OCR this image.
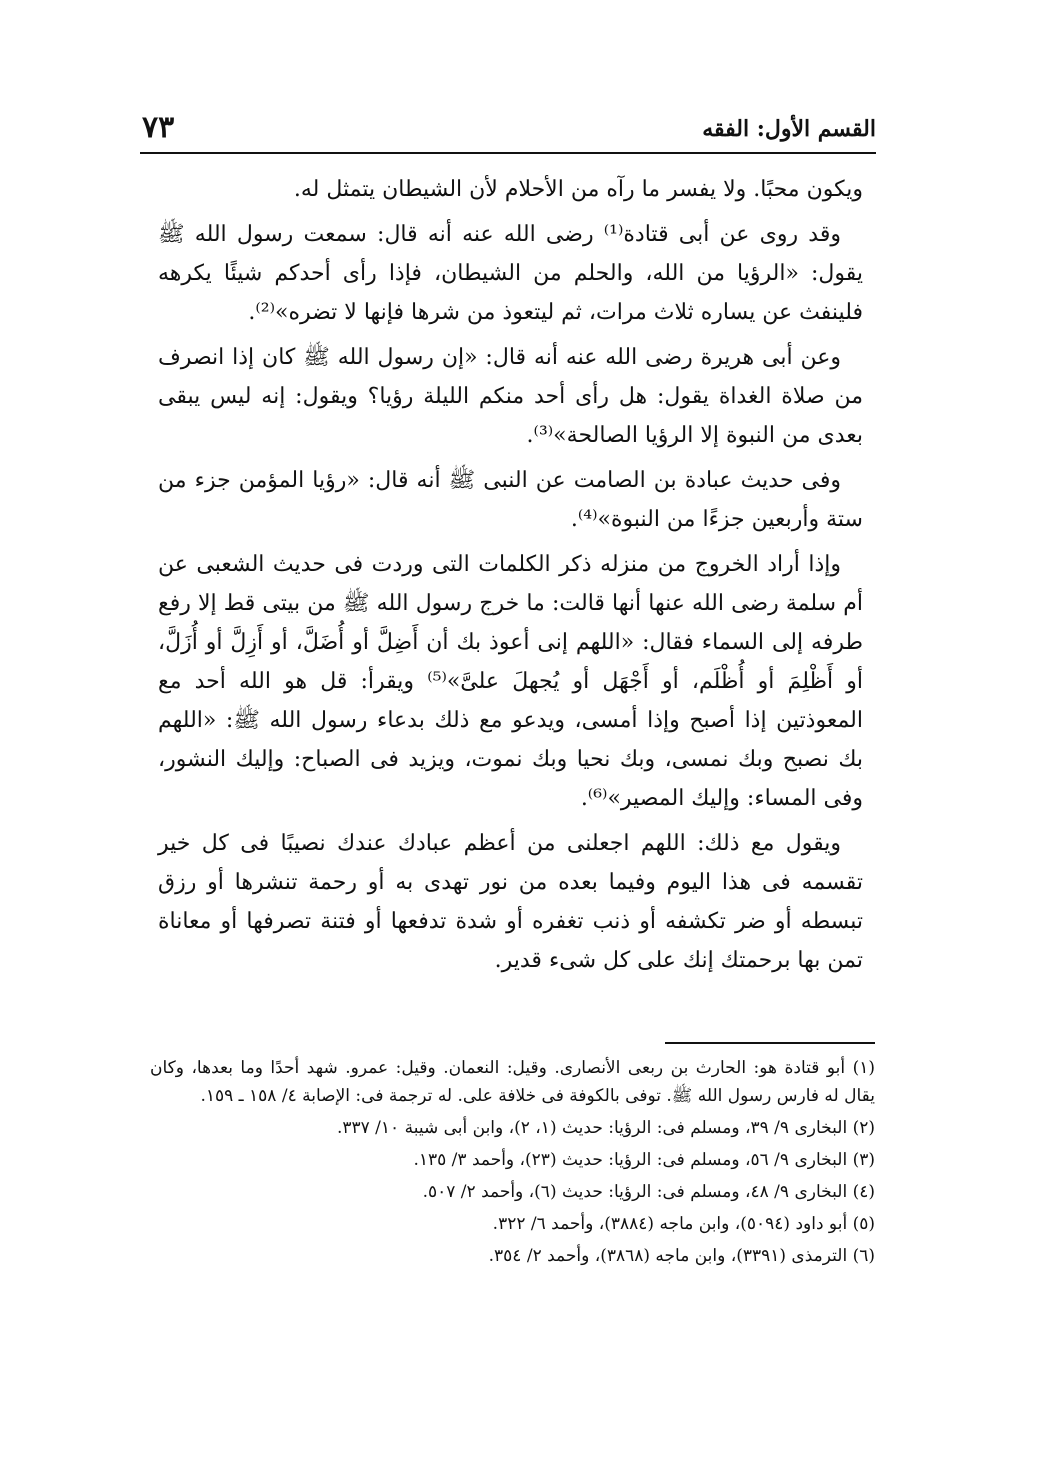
القسم الأول: الفقه
٧٣

ويكون محبًا. ولا يفسر ما رآه من الأحلام لأن الشيطان يتمثل له.

وقد روى عن أبى قتادة⁽¹⁾ رضى الله عنه أنه قال: سمعت رسول الله ﷺ يقول: «الرؤيا من الله، والحلم من الشيطان، فإذا رأى أحدكم شيئًا يكرهه فلينفث عن يساره ثلاث مرات، ثم ليتعوذ من شرها فإنها لا تضره»⁽²⁾.

وعن أبى هريرة رضى الله عنه أنه قال: «إن رسول الله ﷺ كان إذا انصرف من صلاة الغداة يقول: هل رأى أحد منكم الليلة رؤيا؟ ويقول: إنه ليس يبقى بعدى من النبوة إلا الرؤيا الصالحة»⁽³⁾.

وفى حديث عبادة بن الصامت عن النبى ﷺ أنه قال: «رؤيا المؤمن جزء من ستة وأربعين جزءًا من النبوة»⁽⁴⁾.

وإذا أراد الخروج من منزله ذكر الكلمات التى وردت فى حديث الشعبى عن أم سلمة رضى الله عنها أنها قالت: ما خرج رسول الله ﷺ من بيتى قط إلا رفع طرفه إلى السماء فقال: «اللهم إنى أعوذ بك أن أَضِلَّ أو أُضَلَّ، أو أَزِلَّ أو أُزَلَّ، أو أَظْلِمَ أو أُظْلَم، أو أَجْهَل أو يُجهلَ علىَّ»⁽⁵⁾ ويقرأ: قل هو الله أحد مع المعوذتين إذا أصبح وإذا أمسى، ويدعو مع ذلك بدعاء رسول الله ﷺ: «اللهم بك نصبح وبك نمسى، وبك نحيا وبك نموت، ويزيد فى الصباح: وإليك النشور، وفى المساء: وإليك المصير»⁽⁶⁾.

ويقول مع ذلك: اللهم اجعلنى من أعظم عبادك عندك نصيبًا فى كل خير تقسمه فى هذا اليوم وفيما بعده من نور تهدى به أو رحمة تنشرها أو رزق تبسطه أو ضر تكشفه أو ذنب تغفره أو شدة تدفعها أو فتنة تصرفها أو معاناة تمن بها برحمتك إنك على كل شىء قدير.

(١) أبو قتادة هو: الحارث بن ربعى الأنصارى. وقيل: النعمان. وقيل: عمرو. شهد أحدًا وما بعدها، وكان يقال له فارس رسول الله ﷺ. توفى بالكوفة فى خلافة على. له ترجمة فى: الإصابة ٤/ ١٥٨ ـ ١٥٩.
(٢) البخارى ٩/ ٣٩، ومسلم فى: الرؤيا: حديث (١، ٢)، وابن أبى شيبة ١٠/ ٣٣٧.
(٣) البخارى ٩/ ٥٦، ومسلم فى: الرؤيا: حديث (٢٣)، وأحمد ٣/ ١٣٥.
(٤) البخارى ٩/ ٤٨، ومسلم فى: الرؤيا: حديث (٦)، وأحمد ٢/ ٥٠٧.
(٥) أبو داود (٥٠٩٤)، وابن ماجه (٣٨٨٤)، وأحمد ٦/ ٣٢٢.
(٦) الترمذى (٣٣٩١)، وابن ماجه (٣٨٦٨)، وأحمد ٢/ ٣٥٤.
